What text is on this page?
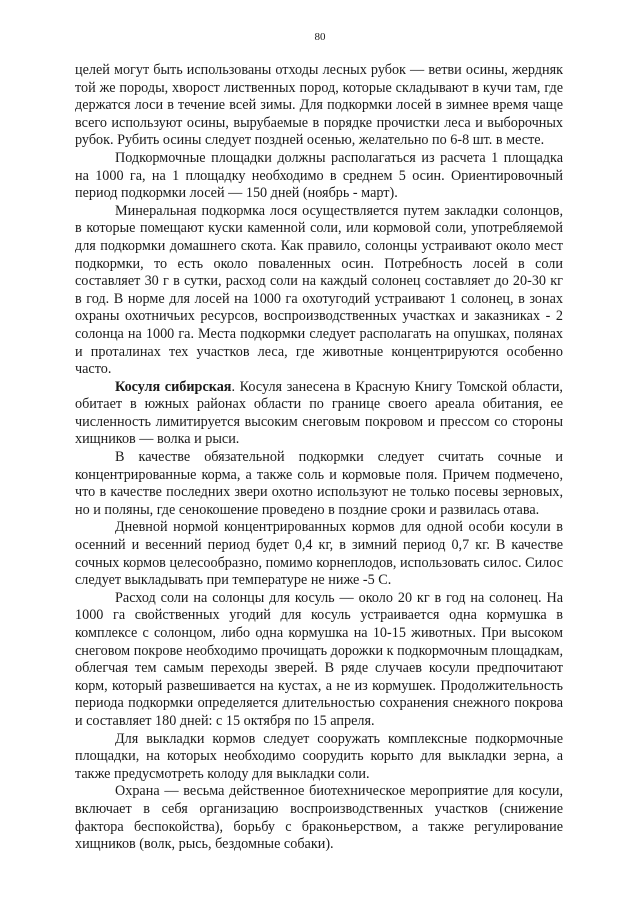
80

целей могут быть использованы отходы лесных рубок — ветви осины, жердняк той же породы, хворост лиственных пород, которые складывают в кучи там, где держатся лоси в течение всей зимы. Для подкормки лосей в зимнее время чаще всего используют осины, вырубаемые в порядке прочистки леса и выборочных рубок. Рубить осины следует поздней осенью, желательно по 6-8 шт. в месте.

Подкормочные площадки должны располагаться из расчета 1 площадка на 1000 га, на 1 площадку необходимо в среднем 5 осин. Ориентировочный период подкормки лосей — 150 дней (ноябрь - март).

Минеральная подкормка лося осуществляется путем закладки солонцов, в которые помещают куски каменной соли, или кормовой соли, употребляемой для подкормки домашнего скота. Как правило, солонцы устраивают около мест подкормки, то есть около поваленных осин. Потребность лосей в соли составляет 30 г в сутки, расход соли на каждый солонец составляет до 20-30 кг в год. В норме для лосей на 1000 га охотугодий устраивают 1 солонец, в зонах охраны охотничьих ресурсов, воспроизводственных участках и заказниках - 2 солонца на 1000 га. Места подкормки следует располагать на опушках, полянах и проталинах тех участков леса, где животные концентрируются особенно часто.

Косуля сибирская. Косуля занесена в Красную Книгу Томской области, обитает в южных районах области по границе своего ареала обитания, ее численность лимитируется высоким снеговым покровом и прессом со стороны хищников — волка и рыси.

В качестве обязательной подкормки следует считать сочные и концентрированные корма, а также соль и кормовые поля. Причем подмечено, что в качестве последних звери охотно используют не только посевы зерновых, но и поляны, где сенокошение проведено в поздние сроки и развилась отава.

Дневной нормой концентрированных кормов для одной особи косули в осенний и весенний период будет 0,4 кг, в зимний период 0,7 кг. В качестве сочных кормов целесообразно, помимо корнеплодов, использовать силос. Силос следует выкладывать при температуре не ниже -5 С.

Расход соли на солонцы для косуль — около 20 кг в год на солонец. На 1000 га свойственных угодий для косуль устраивается одна кормушка в комплексе с солонцом, либо одна кормушка на 10-15 животных. При высоком снеговом покрове необходимо прочищать дорожки к подкормочным площадкам, облегчая тем самым переходы зверей. В ряде случаев косули предпочитают корм, который развешивается на кустах, а не из кормушек. Продолжительность периода подкормки определяется длительностью сохранения снежного покрова и составляет 180 дней: с 15 октября по 15 апреля.

Для выкладки кормов следует сооружать комплексные подкормочные площадки, на которых необходимо соорудить корыто для выкладки зерна, а также предусмотреть колоду для выкладки соли.

Охрана — весьма действенное биотехническое мероприятие для косули, включает в себя организацию воспроизводственных участков (снижение фактора беспокойства), борьбу с браконьерством, а также регулирование хищников (волк, рысь, бездомные собаки).
